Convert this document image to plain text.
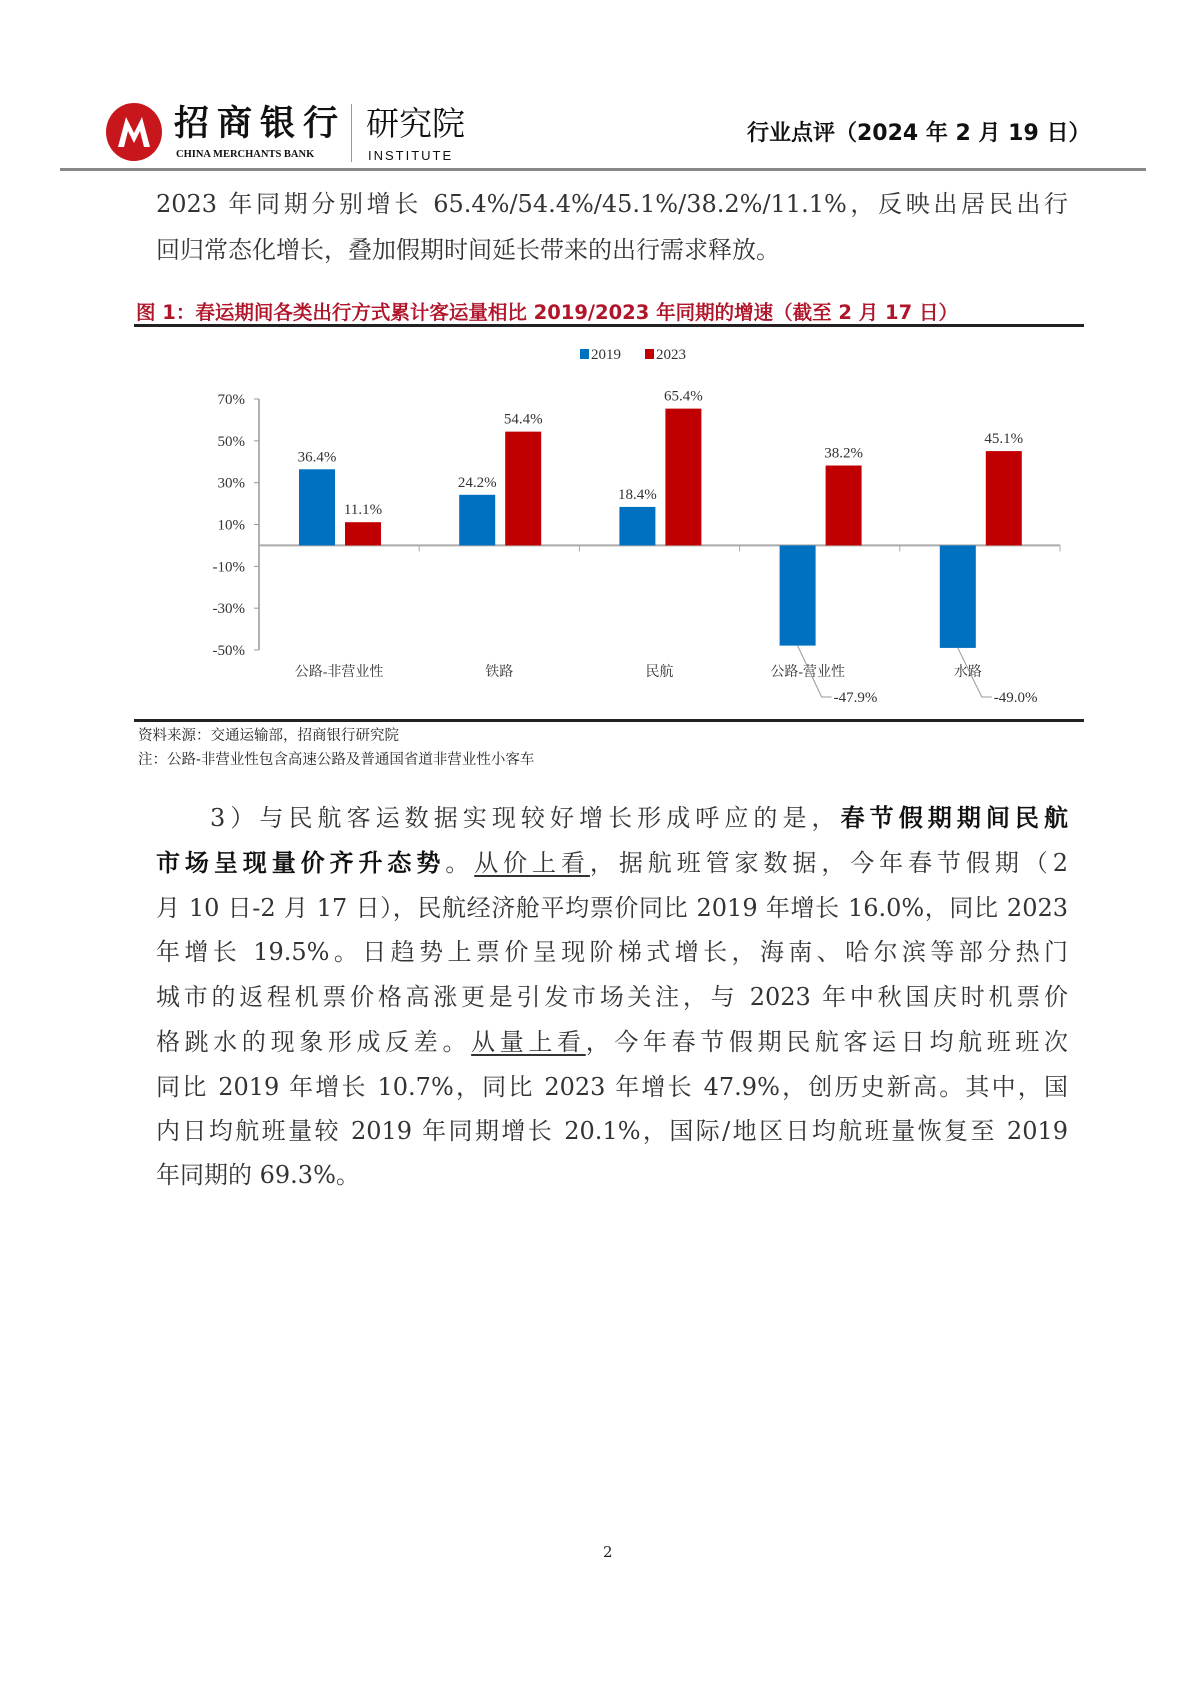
招商银行
CHINA MERCHANTS BANK
研究院
INSTITUTE
行业点评（2024 年 2 月 19 日）
2023 年同期分别增长 65.4%/54.4%/45.1%/38.2%/11.1%，反映出居民出行
回归常态化增长，叠加假期时间延长带来的出行需求释放。
图 1：春运期间各类出行方式累计客运量相比 2019/2023 年同期的增速（截至 2 月 17 日）
70%
50%
30%
10%
-10%
-30%
-50%
公路-非营业性
36.4%
11.1%
铁路
24.2%
54.4%
民航
18.4%
65.4%
公路-营业性
-47.9%
38.2%
水路
-49.0%
45.1%
2019 2023
资料来源：交通运输部，招商银行研究院
注：公路-非营业性包含高速公路及普通国省道非营业性小客车
3）与民航客运数据实现较好增长形成呼应的是，春节假期期间民航
市场呈现量价齐升态势。从价上看，据航班管家数据，今年春节假期（2
月 10 日-2 月 17 日），民航经济舱平均票价同比 2019 年增长 16.0%，同比 2023
年增长 19.5%。日趋势上票价呈现阶梯式增长，海南、哈尔滨等部分热门
城市的返程机票价格高涨更是引发市场关注，与 2023 年中秋国庆时机票价
格跳水的现象形成反差。从量上看，今年春节假期民航客运日均航班班次
同比 2019 年增长 10.7%，同比 2023 年增长 47.9%，创历史新高。其中，国
内日均航班量较 2019 年同期增长 20.1%，国际/地区日均航班量恢复至 2019
年同期的 69.3%。
2
